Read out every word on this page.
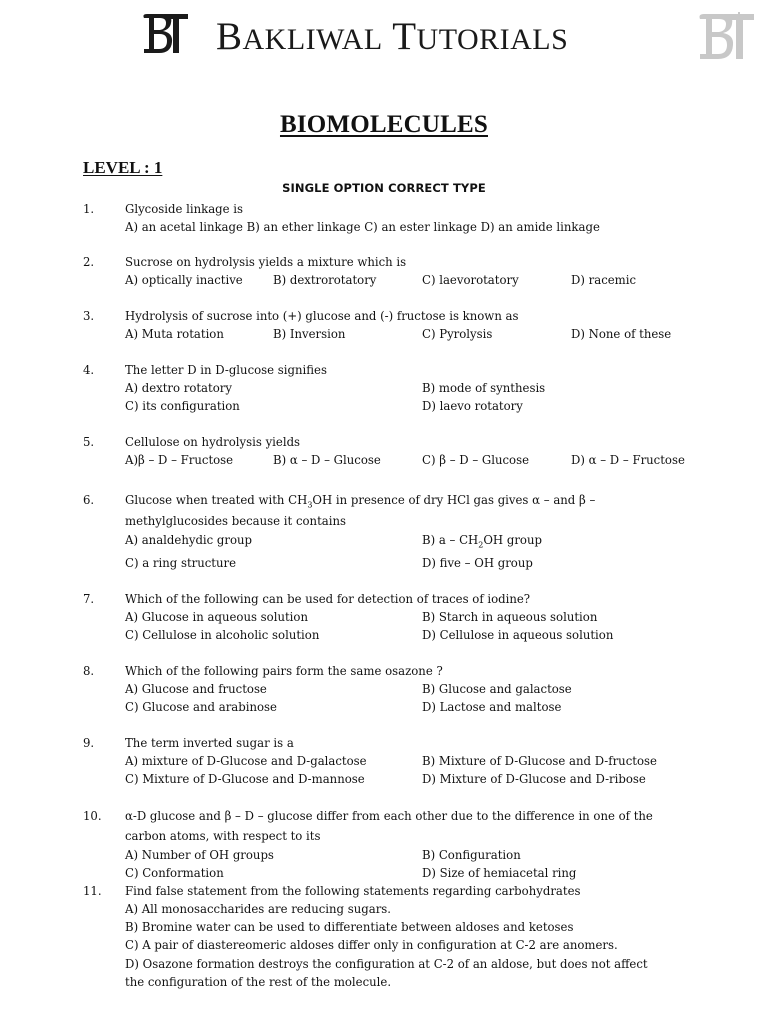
BAKLIWAL TUTORIALS
BIOMOLECULES
LEVEL : 1
SINGLE OPTION CORRECT TYPE
1.	Glycoside linkage is
A) an acetal linkage B) an ether linkage C) an ester linkage D) an amide linkage
2.	Sucrose on hydrolysis yields a mixture which is
A) optically inactive	B) dextrorotatory	C) laevorotatory	D) racemic
3.	Hydrolysis of sucrose into (+) glucose and (-) fructose is known as
A) Muta rotation	B) Inversion	C) Pyrolysis	D) None of these
4.	The letter D in D-glucose signifies
A) dextro rotatory	B) mode of synthesis
C) its configuration	D) laevo rotatory
5.	Cellulose on hydrolysis yields
A)β – D – Fructose	B) α – D – Glucose	C) β – D – Glucose	D) α – D – Fructose
6.	Glucose when treated with $CH_3OH$ in presence of dry HCl gas gives α – and β –
methylglucosides because it contains
A) analdehydic group	B) a – $CH_2OH$ group
C) a ring structure	D) five – OH group
7.	Which of the following can be used for detection of traces of iodine?
A) Glucose in aqueous solution	B) Starch in aqueous solution
C) Cellulose in alcoholic solution	D) Cellulose in aqueous solution
8.	Which of the following pairs form the same osazone ?
A) Glucose and fructose	B) Glucose and galactose
C) Glucose and arabinose	D) Lactose and maltose
9.	The term inverted sugar is a
A) mixture of D-Glucose and D-galactose	B) Mixture of D-Glucose and D-fructose
C) Mixture of D-Glucose and D-mannose	D) Mixture of D-Glucose and D-ribose
10. α-D glucose and β – D – glucose differ from each other due to the difference in one of the
carbon atoms, with respect to its
A) Number of OH groups	B) Configuration
C) Conformation	D) Size of hemiacetal ring
11. Find false statement from the following statements regarding carbohydrates
A) All monosaccharides are reducing sugars.
B) Bromine water can be used to differentiate between aldoses and ketoses
C) A pair of diastereomeric aldoses differ only in configuration at C-2 are anomers.
D) Osazone formation destroys the configuration at C-2 of an aldose, but does not affect
the configuration of the rest of the molecule.
